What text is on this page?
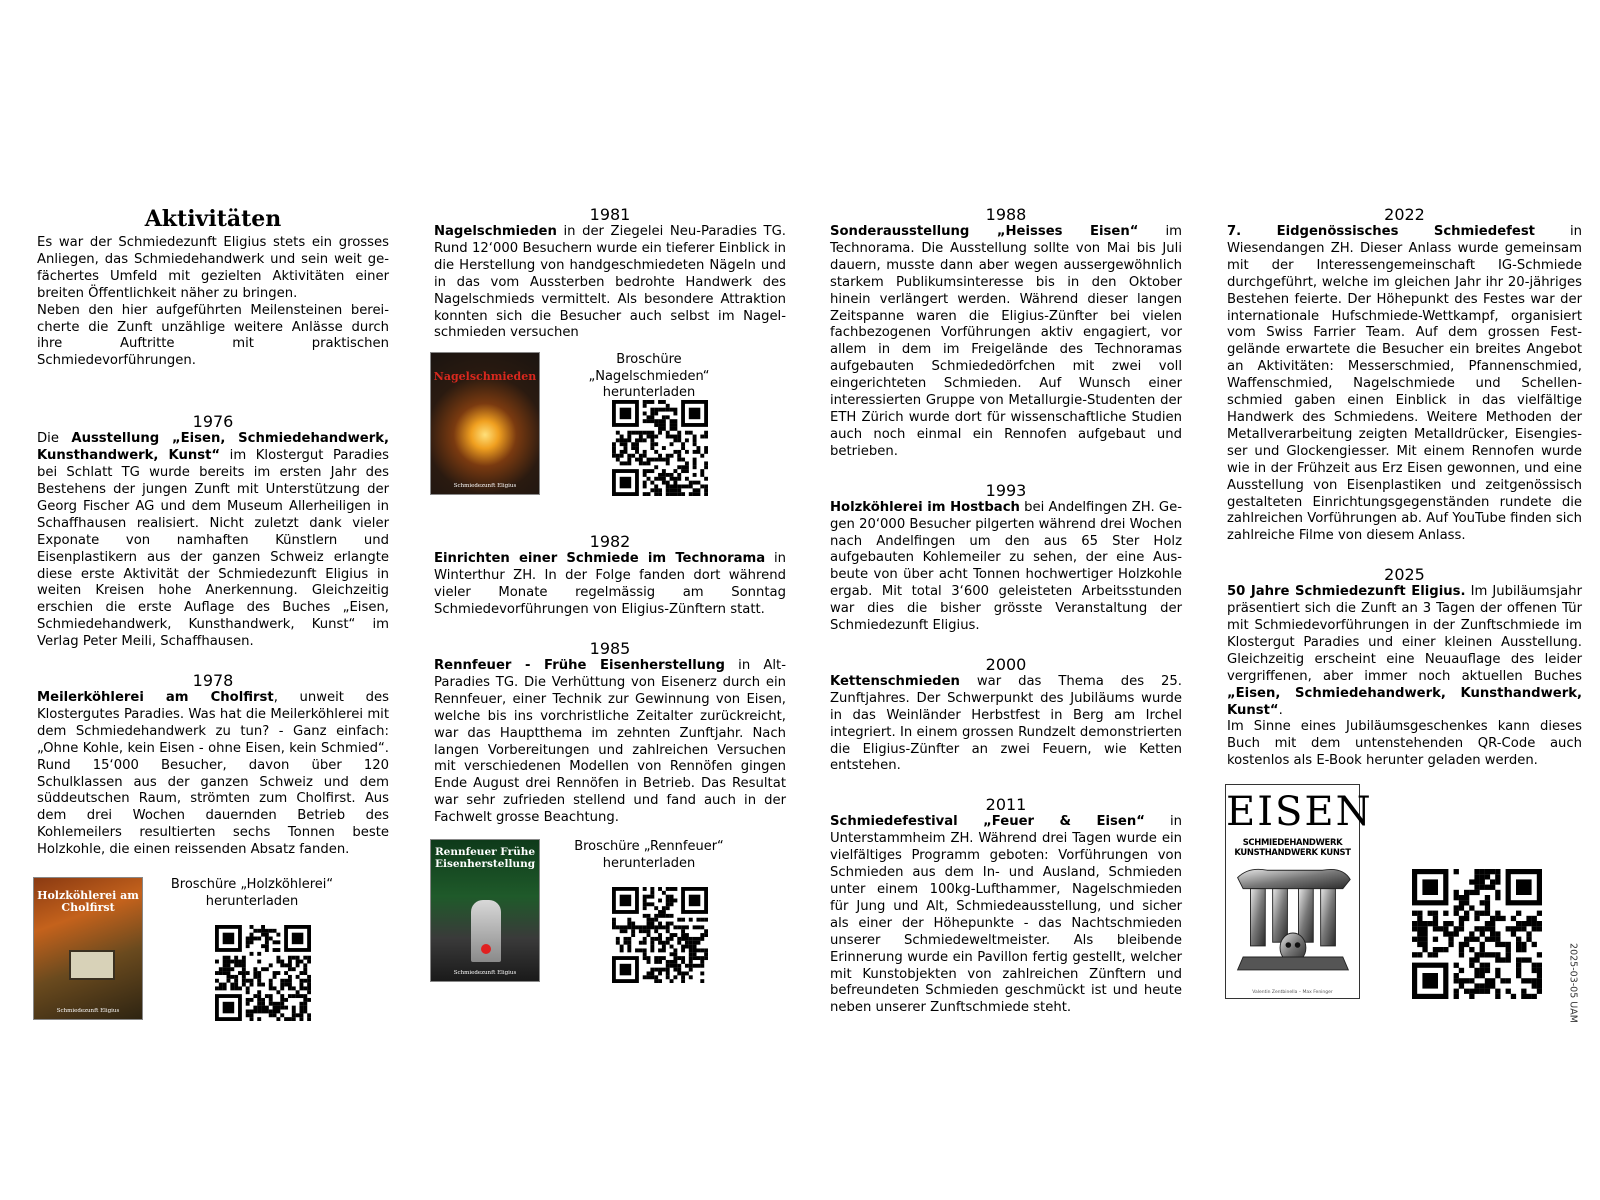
Aktivitäten

Es war der Schmiedezunft Eligius stets ein grosses Anliegen, das Schmiedehandwerk und sein weit gefächertes Umfeld mit gezielten Aktivitäten einer breiten Öffentlichkeit näher zu bringen.

Neben den hier aufgeführten Meilensteinen bereicherte die Zunft unzählige weitere Anlässe durch ihre Auftritte mit praktischen Schmiedevorführungen.

1976

Die Ausstellung „Eisen, Schmiedehandwerk, Kunsthandwerk, Kunst“ im Klostergut Paradies bei Schlatt TG wurde bereits im ersten Jahr des Bestehens der jungen Zunft mit Unterstützung der Georg Fischer AG und dem Museum Allerheiligen in Schaffhausen realisiert. Nicht zuletzt dank vieler Exponate von namhaften Künstlern und Eisenplastikern aus der ganzen Schweiz erlangte diese erste Aktivität der Schmiedezunft Eligius in weiten Kreisen hohe Anerkennung. Gleichzeitig erschien die erste Auflage des Buches „Eisen, Schmiedehandwerk, Kunsthandwerk, Kunst“ im Verlag Peter Meili, Schaffhausen.

1978

Meilerköhlerei am Cholfirst, unweit des Klostergutes Paradies. Was hat die Meilerköhlerei mit dem Schmiedehandwerk zu tun? - Ganz einfach: „Ohne Kohle, kein Eisen - ohne Eisen, kein Schmied“. Rund 15‘000 Besucher, davon über 120 Schulklassen aus der ganzen Schweiz und dem süddeutschen Raum, strömten zum Cholfirst. Aus dem drei Wochen dauernden Betrieb des Kohlemeilers resultierten sechs Tonnen beste Holzkohle, die einen reissenden Absatz fanden.

Holzköhlerei am Cholfirst
Schmiedezunft Eligius
Broschüre „Holzköhlerei“ herunterladen
1981

Nagelschmieden in der Ziegelei Neu-Paradies TG. Rund 12‘000 Besuchern wurde ein tieferer Einblick in die Herstellung von handgeschmiedeten Nägeln und in das vom Aussterben bedrohte Handwerk des Nagelschmieds vermittelt. Als besondere Attraktion konnten sich die Besucher auch selbst im Nagelschmieden versuchen

Nagelschmieden
Schmiedezunft Eligius
Broschüre „Nagelschmieden“ herunterladen
1982

Einrichten einer Schmiede im Technorama in Winterthur ZH. In der Folge fanden dort während vieler Monate regelmässig am Sonntag Schmiedevorführungen von Eligius-Zünftern statt.

1985

Rennfeuer - Frühe Eisenherstellung in Alt-Paradies TG. Die Verhüttung von Eisenerz durch ein Rennfeuer, einer Technik zur Gewinnung von Eisen, welche bis ins vorchristliche Zeitalter zurückreicht, war das Hauptthema im zehnten Zunftjahr. Nach langen Vorbereitungen und zahlreichen Versuchen mit verschiedenen Modellen von Rennöfen gingen Ende August drei Rennöfen in Betrieb. Das Resultat war sehr zufrieden stellend und fand auch in der Fachwelt grosse Beachtung.

Rennfeuer Frühe Eisenherstellung
Schmiedezunft Eligius
Broschüre „Rennfeuer“ herunterladen
1988

Sonderausstellung „Heisses Eisen“ im Technorama. Die Ausstellung sollte von Mai bis Juli dauern, musste dann aber wegen aussergewöhnlich starkem Publikumsinteresse bis in den Oktober hinein verlängert werden. Während dieser langen Zeitspanne waren die Eligius-Zünfter bei vielen fachbezogenen Vorführungen aktiv engagiert, vor allem in dem im Freigelände des Technoramas aufgebauten Schmiededörfchen mit zwei voll eingerichteten Schmieden. Auf Wunsch einer interessierten Gruppe von Metallurgie-Studenten der ETH Zürich wurde dort für wissenschaftliche Studien auch noch einmal ein Rennofen aufgebaut und betrieben.

1993

Holzköhlerei im Hostbach bei Andelfingen ZH. Gegen 20‘000 Besucher pilgerten während drei Wochen nach Andelfingen um den aus 65 Ster Holz aufgebauten Kohlemeiler zu sehen, der eine Ausbeute von über acht Tonnen hochwertiger Holzkohle ergab. Mit total 3‘600 geleisteten Arbeitsstunden war dies die bisher grösste Veranstaltung der Schmiedezunft Eligius.

2000

Kettenschmieden war das Thema des 25. Zunftjahres. Der Schwerpunkt des Jubiläums wurde in das Weinländer Herbstfest in Berg am Irchel integriert. In einem grossen Rundzelt demonstrierten die Eligius-Zünfter an zwei Feuern, wie Ketten entstehen.

2011

Schmiedefestival „Feuer & Eisen“ in Unterstammheim ZH. Während drei Tagen wurde ein vielfältiges Programm geboten: Vorführungen von Schmieden aus dem In- und Ausland, Schmieden unter einem 100kg-Lufthammer, Nagelschmieden für Jung und Alt, Schmiedeausstellung, und sicher als einer der Höhepunkte - das Nachtschmieden unserer Schmiedeweltmeister. Als bleibende Erinnerung wurde ein Pavillon fertig gestellt, welcher mit Kunstobjekten von zahlreichen Zünftern und befreundeten Schmieden geschmückt ist und heute neben unserer Zunftschmiede steht.

2022

7. Eidgenössisches Schmiedefest in Wiesendangen ZH. Dieser Anlass wurde gemeinsam mit der Interessengemeinschaft IG-Schmiede durchgeführt, welche im gleichen Jahr ihr 20-jähriges Bestehen feierte. Der Höhepunkt des Festes war der internationale Hufschmiede-Wettkampf, organisiert vom Swiss Farrier Team. Auf dem grossen Festgelände erwartete die Besucher ein breites Angebot an Aktivitäten: Messerschmied, Pfannenschmied, Waffenschmied, Nagelschmiede und Schellenschmied gaben einen Einblick in das vielfältige Handwerk des Schmiedens. Weitere Methoden der Metallverarbeitung zeigten Metalldrücker, Eisengiesser und Glockengiesser. Mit einem Rennofen wurde wie in der Frühzeit aus Erz Eisen gewonnen, und eine Ausstellung von Eisenplastiken und zeitgenössisch gestalteten Einrichtungsgegenständen rundete die zahlreichen Vorführungen ab. Auf YouTube finden sich zahlreiche Filme von diesem Anlass.

2025

50 Jahre Schmiedezunft Eligius. Im Jubiläumsjahr präsentiert sich die Zunft an 3 Tagen der offenen Tür mit Schmiedevorführungen in der Zunftschmiede im Klostergut Paradies und einer kleinen Ausstellung. Gleichzeitig erscheint eine Neuauflage des leider vergriffenen, aber immer noch aktuellen Buches „Eisen, Schmiedehandwerk, Kunsthandwerk, Kunst“.

Im Sinne eines Jubiläumsgeschenkes kann dieses Buch mit dem untenstehenden QR-Code auch kostenlos als E-Book herunter geladen werden.

EISEN
SCHMIEDEHANDWERK
KUNSTHANDWERK KUNST
Valentin Zentbinella – Max Feninger	2025-03-05 UAM
